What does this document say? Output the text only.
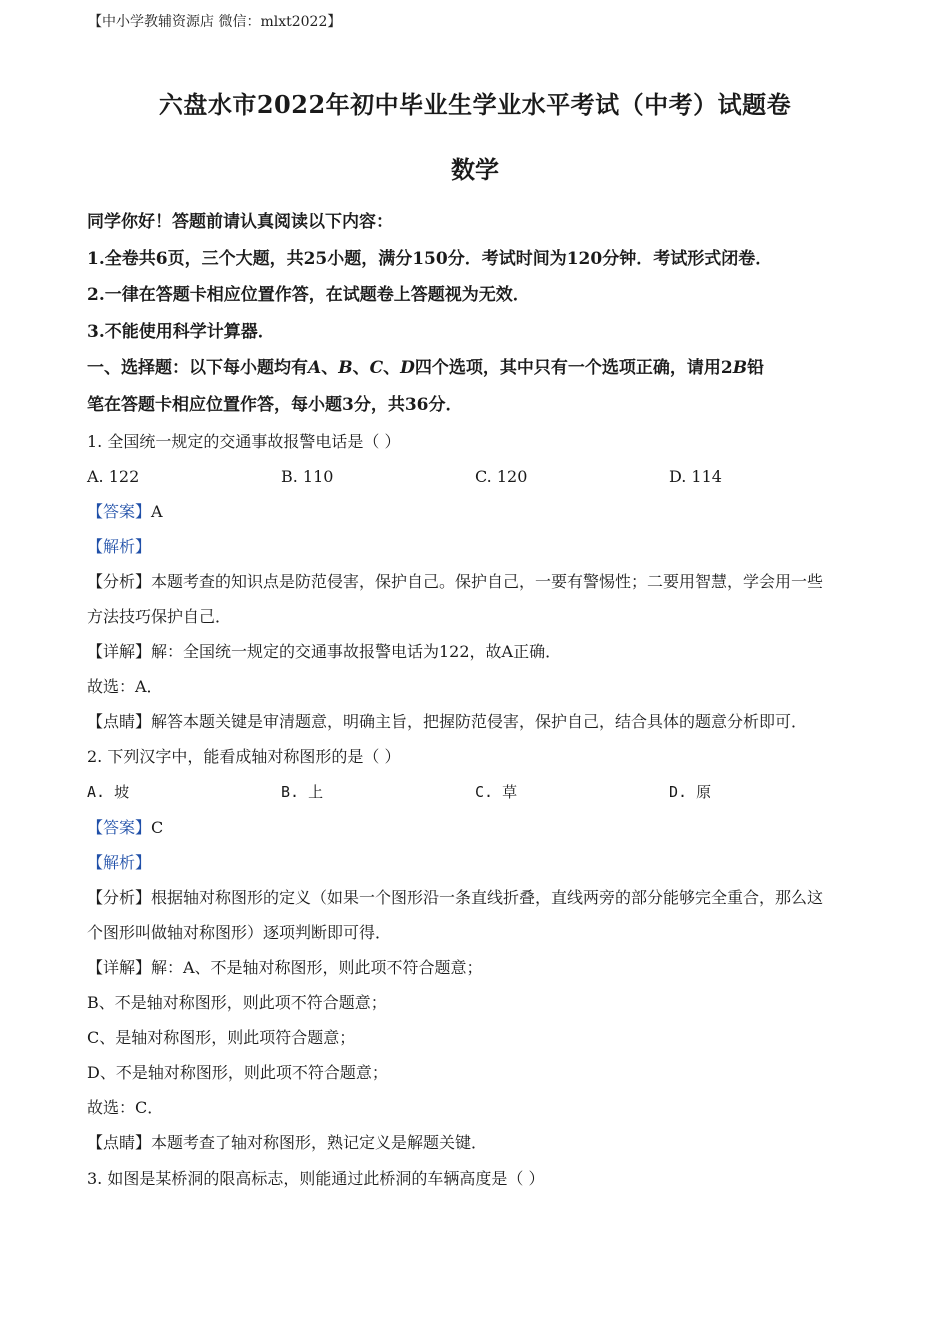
【中小学教辅资源店 微信：mlxt2022】
六盘水市2022年初中毕业生学业水平考试（中考）试题卷
数学
同学你好！答题前请认真阅读以下内容：
1.全卷共6页，三个大题，共25小题，满分150分．考试时间为120分钟．考试形式闭卷．
2.一律在答题卡相应位置作答，在试题卷上答题视为无效．
3.不能使用科学计算器．
一、选择题：以下每小题均有A、B、C、D四个选项，其中只有一个选项正确，请用2B铅
笔在答题卡相应位置作答，每小题3分，共36分．
1. 全国统一规定的交通事故报警电话是（ ）
A. 122	B. 110	C. 120	D. 114
【答案】A
【解析】
【分析】本题考查的知识点是防范侵害，保护自己。保护自己，一要有警惕性；二要用智慧，学会用一些
方法技巧保护自己．
【详解】解：全国统一规定的交通事故报警电话为122，故A正确．
故选：A．
【点睛】解答本题关键是审清题意，明确主旨，把握防范侵害，保护自己，结合具体的题意分析即可．
2. 下列汉字中，能看成轴对称图形的是（ ）
A. 坡	B. 上	C. 草	D. 原
【答案】C
【解析】
【分析】根据轴对称图形的定义（如果一个图形沿一条直线折叠，直线两旁的部分能够完全重合，那么这
个图形叫做轴对称图形）逐项判断即可得．
【详解】解：A、不是轴对称图形，则此项不符合题意；
B、不是轴对称图形，则此项不符合题意；
C、是轴对称图形，则此项符合题意；
D、不是轴对称图形，则此项不符合题意；
故选：C．
【点睛】本题考查了轴对称图形，熟记定义是解题关键．
3. 如图是某桥洞的限高标志，则能通过此桥洞的车辆高度是（ ）
